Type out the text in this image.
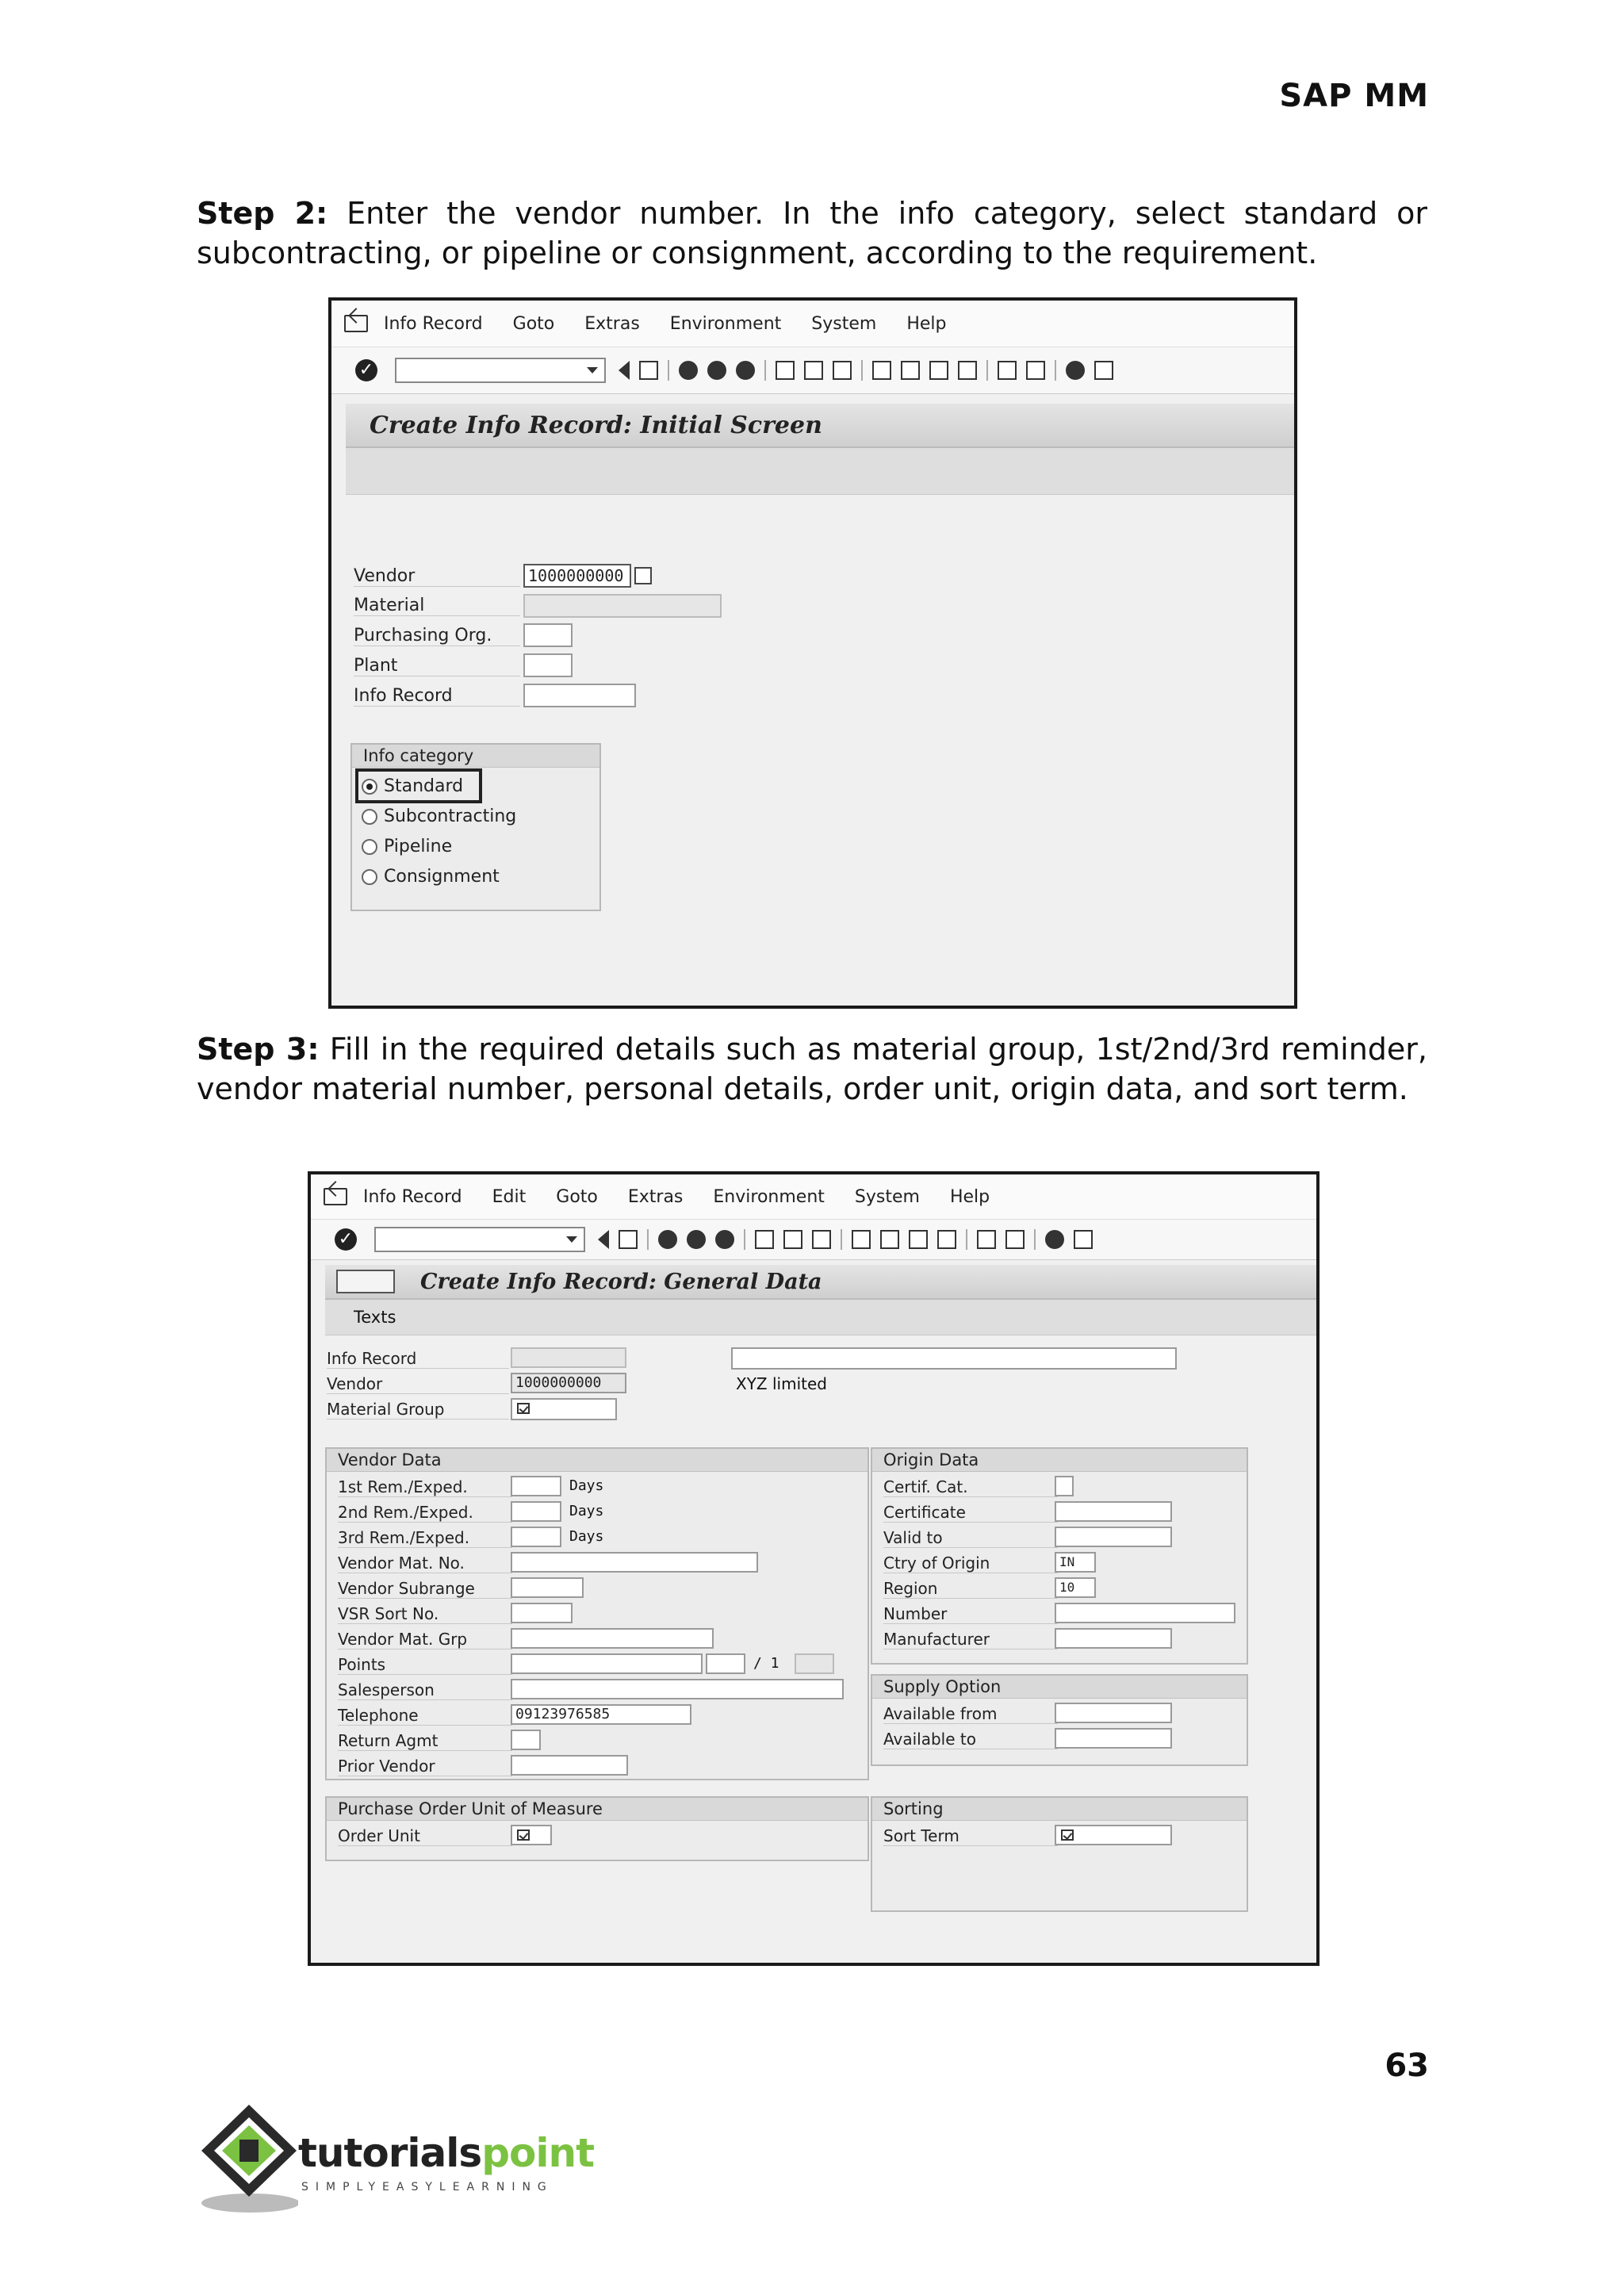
SAP MM
Step 2: Enter the vendor number. In the info category, select standard or subcontracting, or pipeline or consignment, according to the requirement.
Info Record Goto Extras Environment System Help
✓
Create Info Record: Initial Screen
Vendor	1000000000
Material
Purchasing Org.
Plant
Info Record
Info category
Standard
Subcontracting
Pipeline
Consignment
Step 3: Fill in the required details such as material group, 1st/2nd/3rd reminder, vendor material number, personal details, order unit, origin data, and sort term.
Info Record Edit Goto Extras Environment System Help
✓
Create Info Record: General Data
Texts
Info Record
Vendor	1000000000	XYZ limited
Material Group
Vendor Data
1st Rem./Exped.	Days
2nd Rem./Exped.	Days
3rd Rem./Exped.	Days
Vendor Mat. No.
Vendor Subrange
VSR Sort No.
Vendor Mat. Grp
Points	/ 1
Salesperson
Telephone	09123976585
Return Agmt
Prior Vendor
Origin Data
Certif. Cat.
Certificate
Valid to
Ctry of Origin	IN
Region	10
Number
Manufacturer
Supply Option
Available from
Available to
Purchase Order Unit of Measure
Order Unit
Sorting
Sort Term
63
tutorialspoint
SIMPLYEASYLEARNING
